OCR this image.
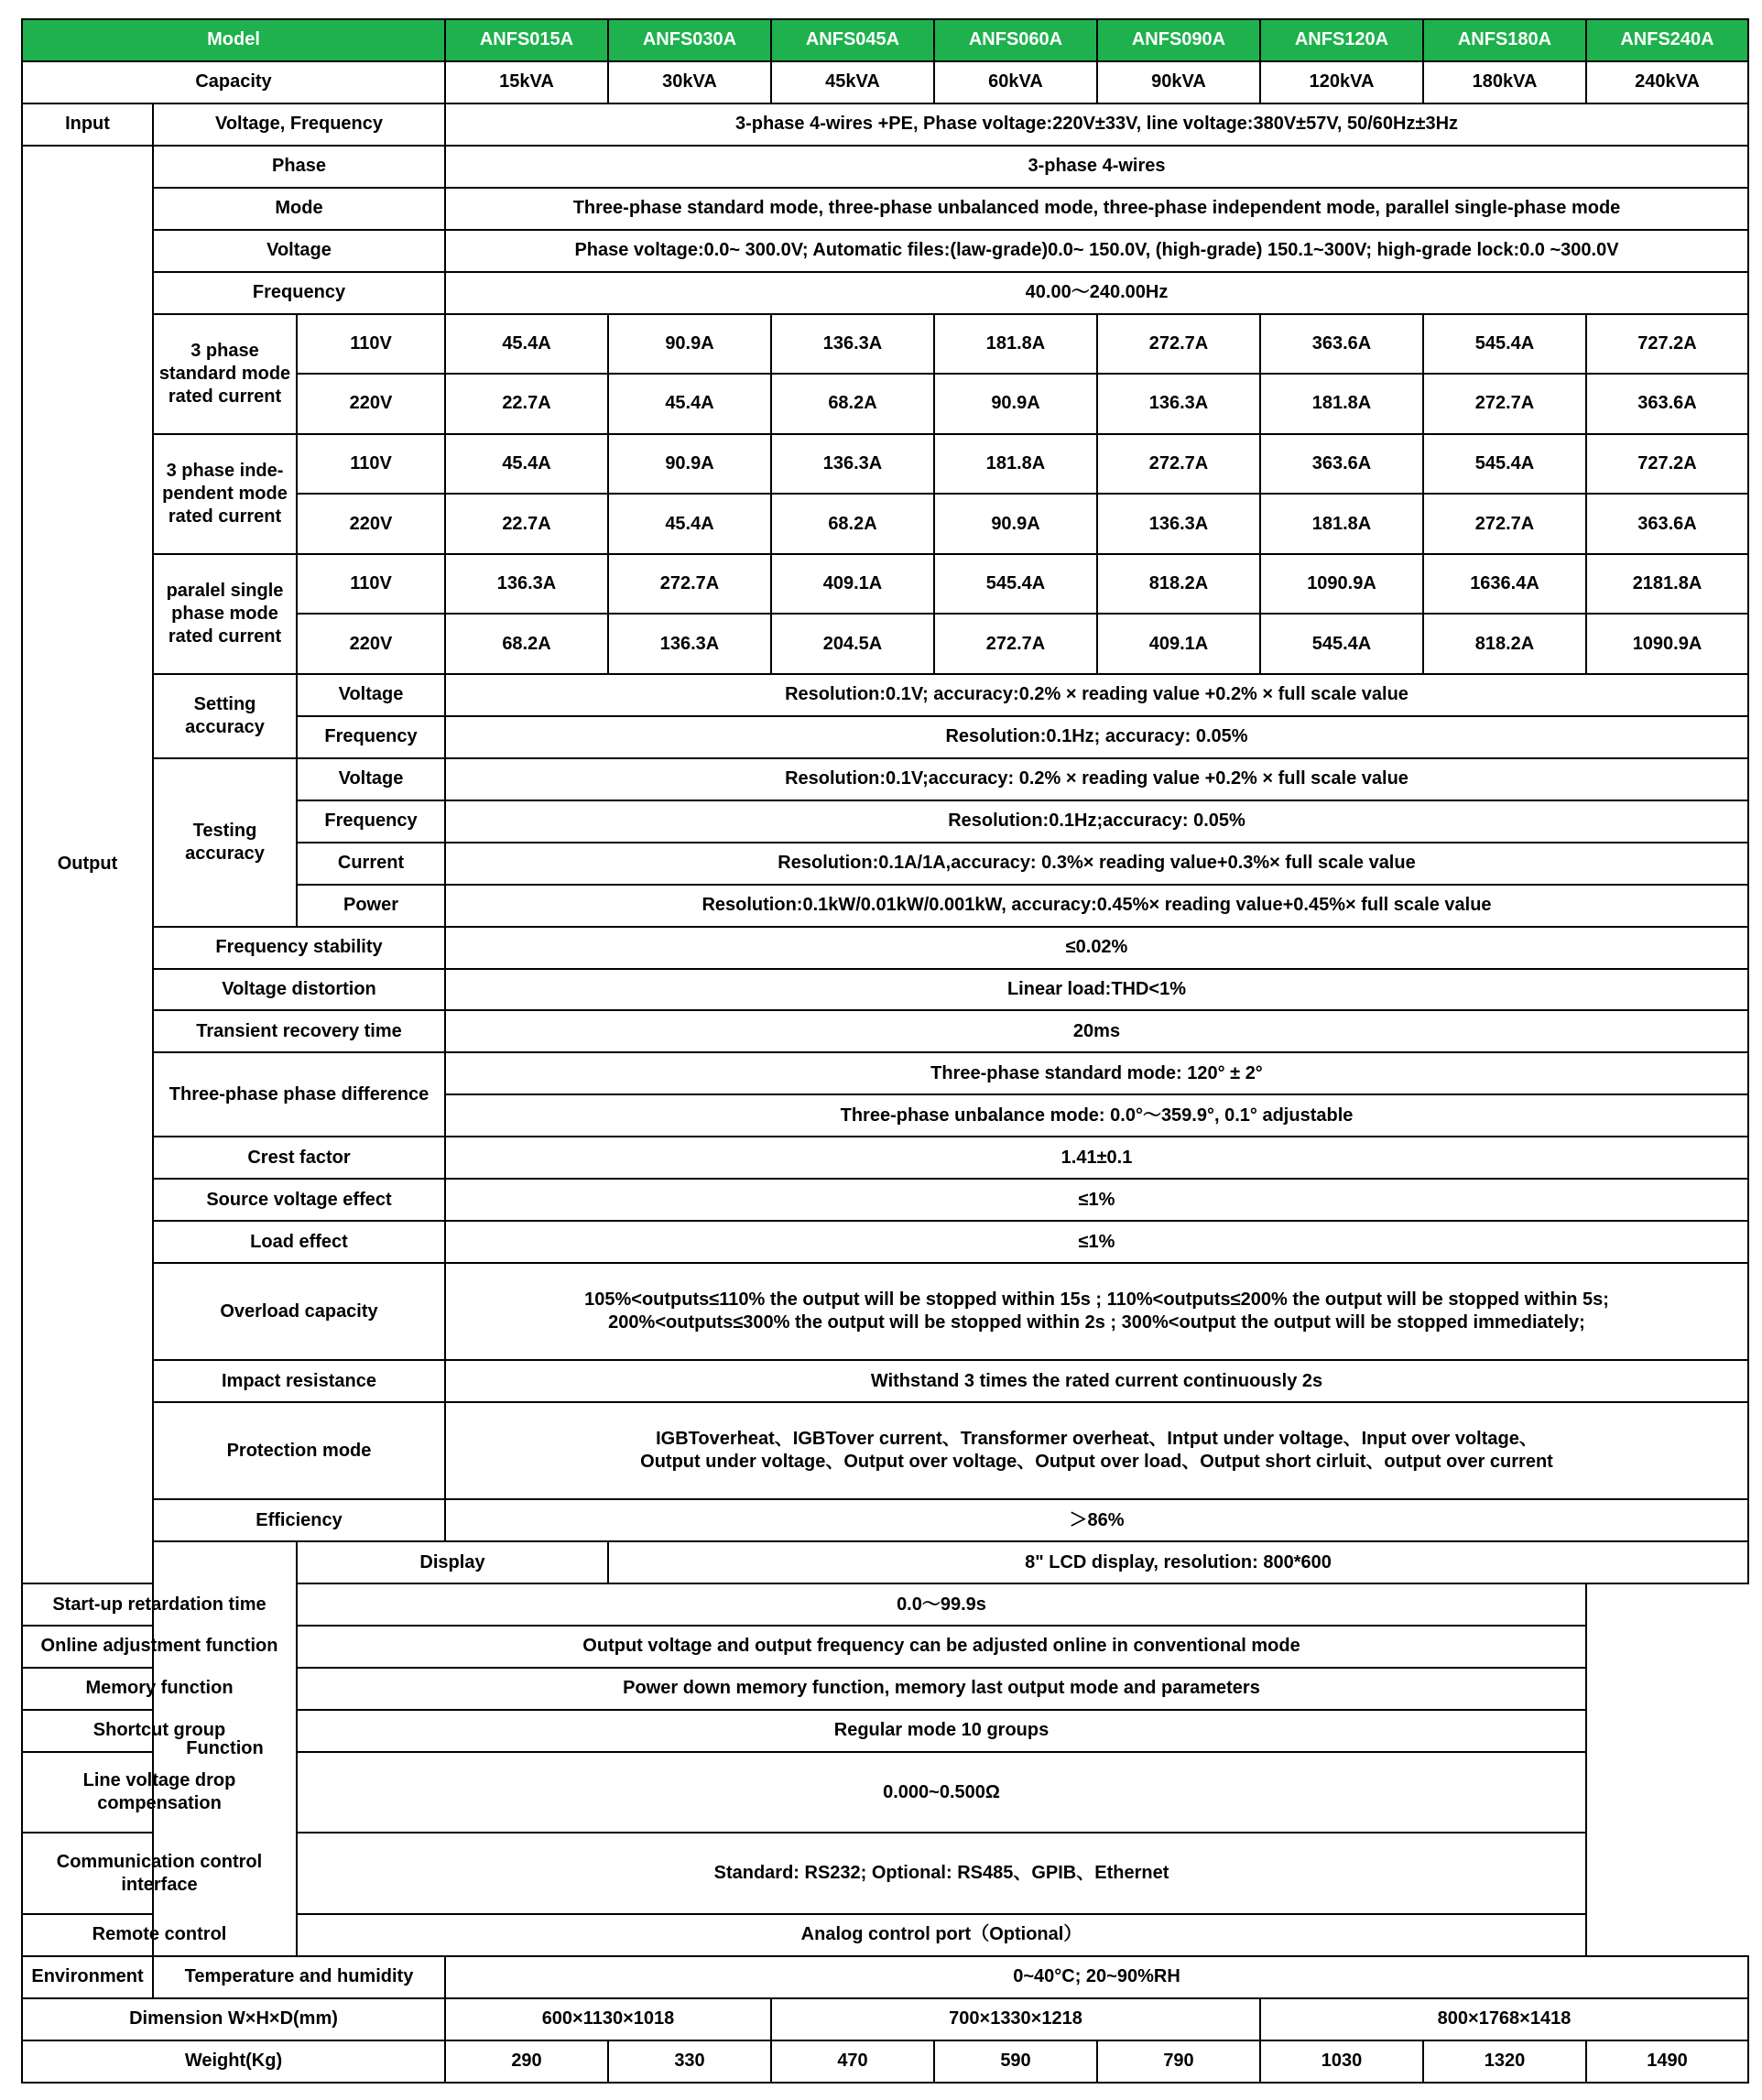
Model			ANFS015A	ANFS030A	ANFS045A	ANFS060A	ANFS090A	ANFS120A	ANFS180A	ANFS240A
Capacity			15kVA	30kVA	45kVA	60kVA	90kVA	120kVA	180kVA	240kVA
Input	Voltage, Frequency		3-phase 4-wires +PE, Phase voltage:220V±33V, line voltage:380V±57V, 50/60Hz±3Hz							
Output	Phase		3-phase 4-wires							
	Mode		Three-phase standard mode, three-phase unbalanced mode, three-phase independent mode, parallel single-phase mode							
	Voltage		Phase voltage:0.0~ 300.0V; Automatic files:(law-grade)0.0~ 150.0V, (high-grade) 150.1~300V; high-grade lock:0.0 ~300.0V							
	Frequency		40.00～240.00Hz							
	3 phase
standard mode
rated current	110V	45.4A	90.9A	136.3A	181.8A	272.7A	363.6A	545.4A	727.2A
		220V	22.7A	45.4A	68.2A	90.9A	136.3A	181.8A	272.7A	363.6A
	3 phase inde-
pendent mode
rated current	110V	45.4A	90.9A	136.3A	181.8A	272.7A	363.6A	545.4A	727.2A
		220V	22.7A	45.4A	68.2A	90.9A	136.3A	181.8A	272.7A	363.6A
	paralel single
phase mode
rated current	110V	136.3A	272.7A	409.1A	545.4A	818.2A	1090.9A	1636.4A	2181.8A
		220V	68.2A	136.3A	204.5A	272.7A	409.1A	545.4A	818.2A	1090.9A
	Setting
accuracy	Voltage	Resolution:0.1V; accuracy:0.2% × reading value +0.2% × full scale value							
		Frequency	Resolution:0.1Hz; accuracy: 0.05%							
	Testing
accuracy	Voltage	Resolution:0.1V;accuracy: 0.2% × reading value +0.2% × full scale value							
		Frequency	Resolution:0.1Hz;accuracy: 0.05%							
		Current	Resolution:0.1A/1A,accuracy: 0.3%× reading value+0.3%× full scale value							
		Power	Resolution:0.1kW/0.01kW/0.001kW, accuracy:0.45%× reading value+0.45%× full scale value							
	Frequency stability		≤0.02%							
	Voltage distortion		Linear load:THD<1%							
	Transient recovery time		20ms							
	Three-phase phase difference		Three-phase standard mode: 120° ± 2°							
			Three-phase unbalance mode: 0.0°～359.9°, 0.1° adjustable							
	Crest factor		1.41±0.1							
	Source voltage effect		≤1%							
	Load effect		≤1%							
	Overload capacity		105%<outputs≤110% the output will be stopped within 15s ; 110%<outputs≤200% the output will be stopped within 5s;
200%<outputs≤300% the output will be stopped within 2s ; 300%<output the output will be stopped immediately;							
	Impact resistance		Withstand 3 times the rated current continuously 2s							
	Protection mode		IGBToverheat、IGBTover current、Transformer overheat、Intput under voltage、Input over voltage、
Output under voltage、Output over voltage、Output over load、Output short cirluit、output over current							
	Efficiency		＞86%							
	Function	Display		8" LCD display, resolution: 800*600						
Start-up retardation time		0.0～99.9s								
Online adjustment function		Output voltage and output frequency can be adjusted online in conventional mode								
Memory function		Power down memory function, memory last output mode and parameters								
Shortcut group		Regular mode 10 groups								
Line voltage drop compensation		0.000~0.500Ω								
Communication control interface		Standard: RS232; Optional: RS485、GPIB、Ethernet								
Remote control		Analog control port（Optional）								
Environment	Temperature and humidity		0~40°C; 20~90%RH							
Dimension W×H×D(mm)			600×1130×1018		700×1330×1218			800×1768×1418		
Weight(Kg)			290	330	470	590	790	1030	1320	1490
